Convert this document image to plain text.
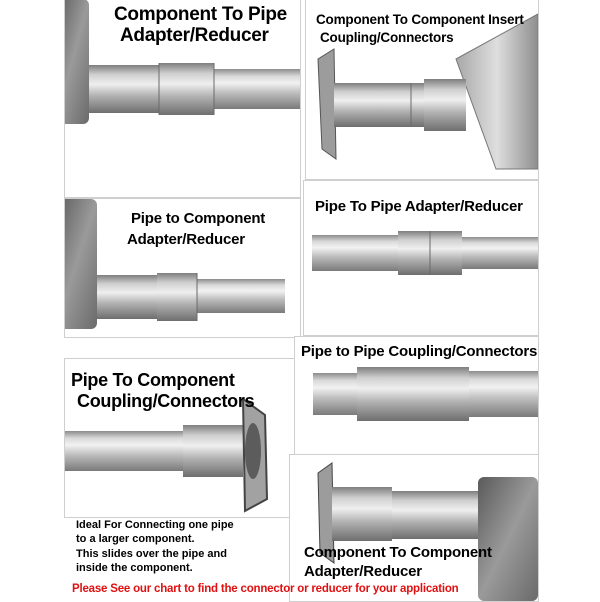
Component To Pipe
Adapter/Reducer
Component To Component Insert
Coupling/Connectors
Pipe to Component
Adapter/Reducer
Pipe To Pipe Adapter/Reducer
Pipe to Pipe Coupling/Connectors
Pipe To Component
Coupling/Connectors
Component To Component
Adapter/Reducer
Ideal For Connecting one pipe
to a larger component.
This slides over the pipe and
inside the component.
Please See our chart to find the connector or reducer for your application
